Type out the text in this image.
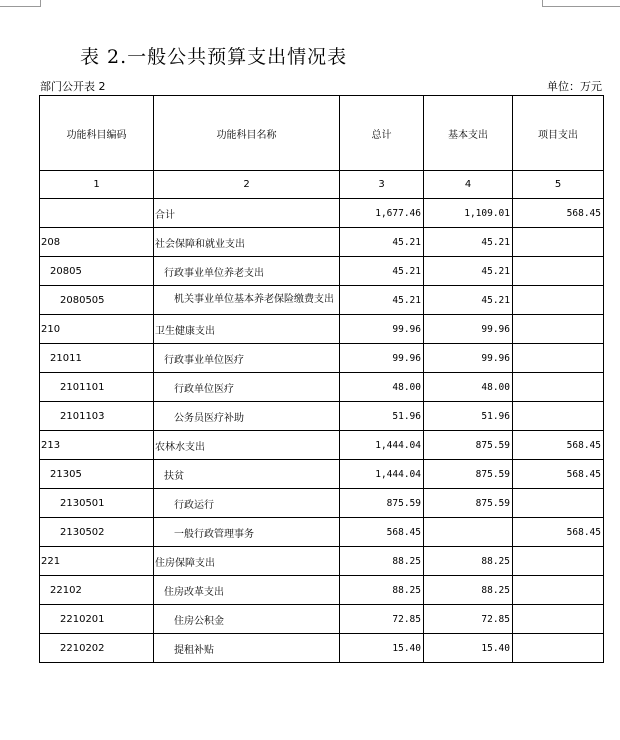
表 2.一般公共预算支出情况表
部门公开表 2	单位：万元
功能科目编码	功能科目名称	总计	基本支出	项目支出
1	2	3	4	5
	合计	1,677.46	1,109.01	568.45
208	社会保障和就业支出	45.21	45.21	
20805	行政事业单位养老支出	45.21	45.21	
2080505	机关事业单位基本养老保险缴费支出	45.21	45.21	
210	卫生健康支出	99.96	99.96	
21011	行政事业单位医疗	99.96	99.96	
2101101	行政单位医疗	48.00	48.00	
2101103	公务员医疗补助	51.96	51.96	
213	农林水支出	1,444.04	875.59	568.45
21305	扶贫	1,444.04	875.59	568.45
2130501	行政运行	875.59	875.59	
2130502	一般行政管理事务	568.45		568.45
221	住房保障支出	88.25	88.25	
22102	住房改革支出	88.25	88.25	
2210201	住房公积金	72.85	72.85	
2210202	提租补贴	15.40	15.40	
